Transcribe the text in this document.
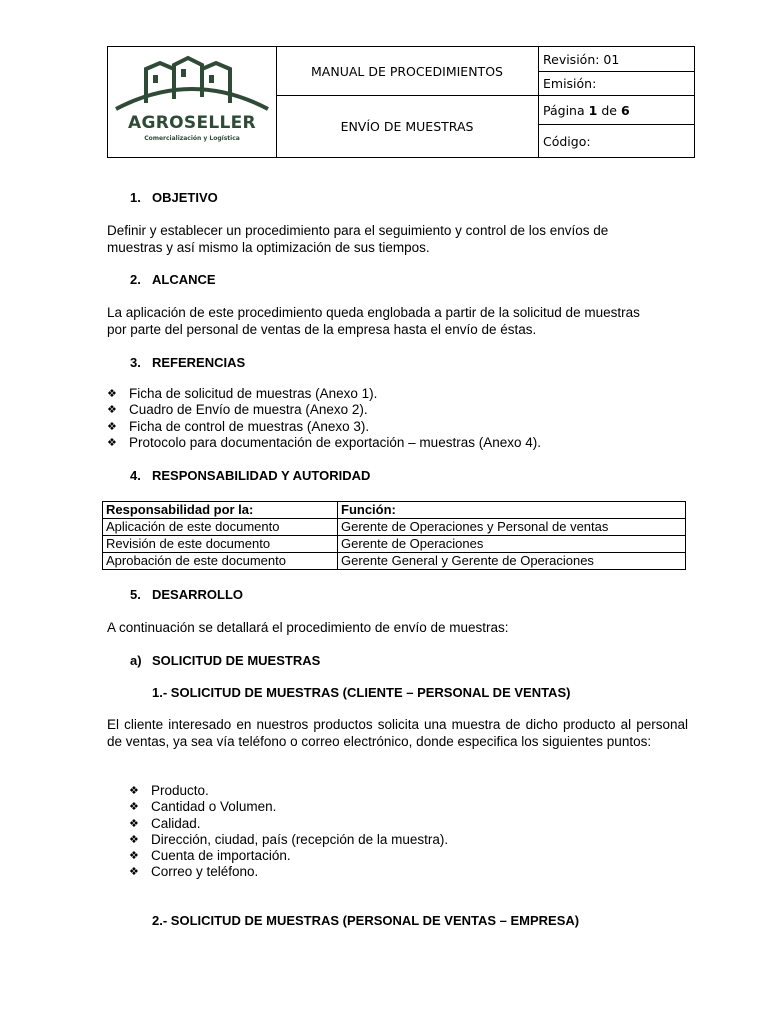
AGROSELLER
Comercialización y Logística
MANUAL DE PROCEDIMIENTOS
ENVÍO DE MUESTRAS
Revisión: 01
Emisión:
Página 1 de 6
Código:
1. OBJETIVO
Definir y establecer un procedimiento para el seguimiento y control de los envíos de muestras y así mismo la optimización de sus tiempos.
2. ALCANCE
La aplicación de este procedimiento queda englobada a partir de la solicitud de muestras por parte del personal de ventas de la empresa hasta el envío de éstas.
3. REFERENCIAS
❖ Ficha de solicitud de muestras (Anexo 1).
❖ Cuadro de Envío de muestra (Anexo 2).
❖ Ficha de control de muestras (Anexo 3).
❖ Protocolo para documentación de exportación – muestras (Anexo 4).
4. RESPONSABILIDAD Y AUTORIDAD
Responsabilidad por la:	Función:
Aplicación de este documento	Gerente de Operaciones y Personal de ventas
Revisión de este documento	Gerente de Operaciones
Aprobación de este documento	Gerente General y Gerente de Operaciones
5. DESARROLLO
A continuación se detallará el procedimiento de envío de muestras:
a) SOLICITUD DE MUESTRAS
1.- SOLICITUD DE MUESTRAS (CLIENTE – PERSONAL DE VENTAS)
El cliente interesado en nuestros productos solicita una muestra de dicho producto al personal de ventas, ya sea vía teléfono o correo electrónico, donde especifica los siguientes puntos:
❖ Producto.
❖ Cantidad o Volumen.
❖ Calidad.
❖ Dirección, ciudad, país (recepción de la muestra).
❖ Cuenta de importación.
❖ Correo y teléfono.
2.- SOLICITUD DE MUESTRAS (PERSONAL DE VENTAS – EMPRESA)
